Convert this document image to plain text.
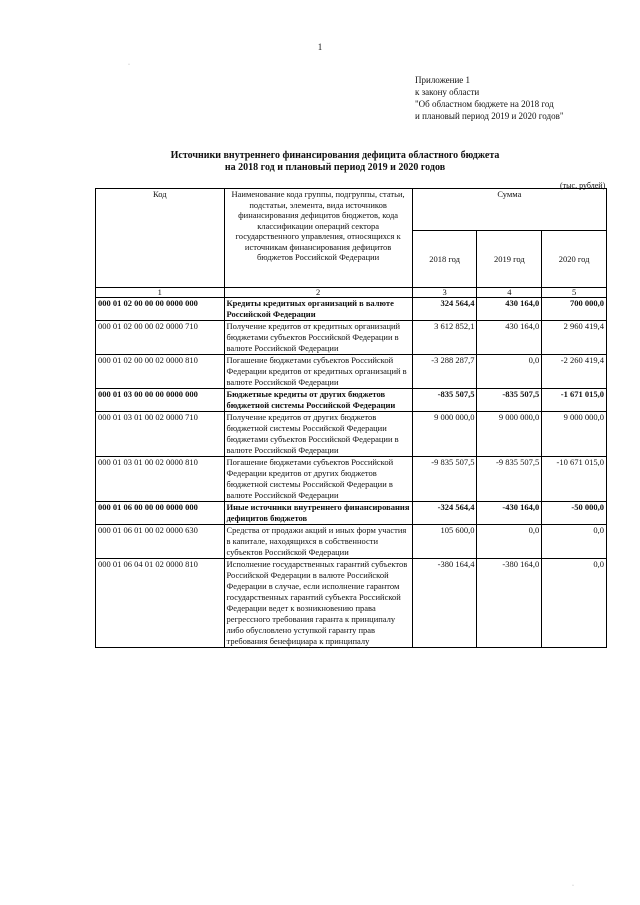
1
Приложение 1
к закону области
"Об областном бюджете на 2018 год
и плановый период 2019 и 2020 годов"
Источники внутреннего финансирования дефицита областного бюджета
на 2018 год и плановый период 2019 и 2020 годов
(тыс. рублей)
Код	Наименование кода группы, подгруппы, статьи, подстатьи, элемента, вида источников финансирования дефицитов бюджетов, кода классификации операций сектора государственного управления, относящихся к источникам финансирования дефицитов бюджетов Российской Федерации	Сумма		
		2018 год	2019 год	2020 год
1	2	3	4	5
000 01 02 00 00 00 0000 000	Кредиты кредитных организаций в валюте Российской Федерации	324 564,4	430 164,0	700 000,0
000 01 02 00 00 02 0000 710	Получение кредитов от кредитных организаций бюджетами субъектов Российской Федерации в валюте Российской Федерации	3 612 852,1	430 164,0	2 960 419,4
000 01 02 00 00 02 0000 810	Погашение бюджетами субъектов Российской Федерации кредитов от кредитных организаций в валюте Российской Федерации	-3 288 287,7	0,0	-2 260 419,4
000 01 03 00 00 00 0000 000	Бюджетные кредиты от других бюджетов бюджетной системы Российской Федерации	-835 507,5	-835 507,5	-1 671 015,0
000 01 03 01 00 02 0000 710	Получение кредитов от других бюджетов бюджетной системы Российской Федерации бюджетами субъектов Российской Федерации в валюте Российской Федерации	9 000 000,0	9 000 000,0	9 000 000,0
000 01 03 01 00 02 0000 810	Погашение бюджетами субъектов Российской Федерации кредитов от других бюджетов бюджетной системы Российской Федерации в валюте Российской Федерации	-9 835 507,5	-9 835 507,5	-10 671 015,0
000 01 06 00 00 00 0000 000	Иные источники внутреннего финансирования дефицитов бюджетов	-324 564,4	-430 164,0	-50 000,0
000 01 06 01 00 02 0000 630	Средства от продажи акций и иных форм участия в капитале, находящихся в собственности субъектов Российской Федерации	105 600,0	0,0	0,0
000 01 06 04 01 02 0000 810	Исполнение государственных гарантий субъектов Российской Федерации в валюте Российской Федерации в случае, если исполнение гарантом государственных гарантий субъекта Российской Федерации ведет к возникновению права регрессного требования гаранта к принципалу либо обусловлено уступкой гаранту прав требования бенефициара к принципалу	-380 164,4	-380 164,0	0,0
·
·
